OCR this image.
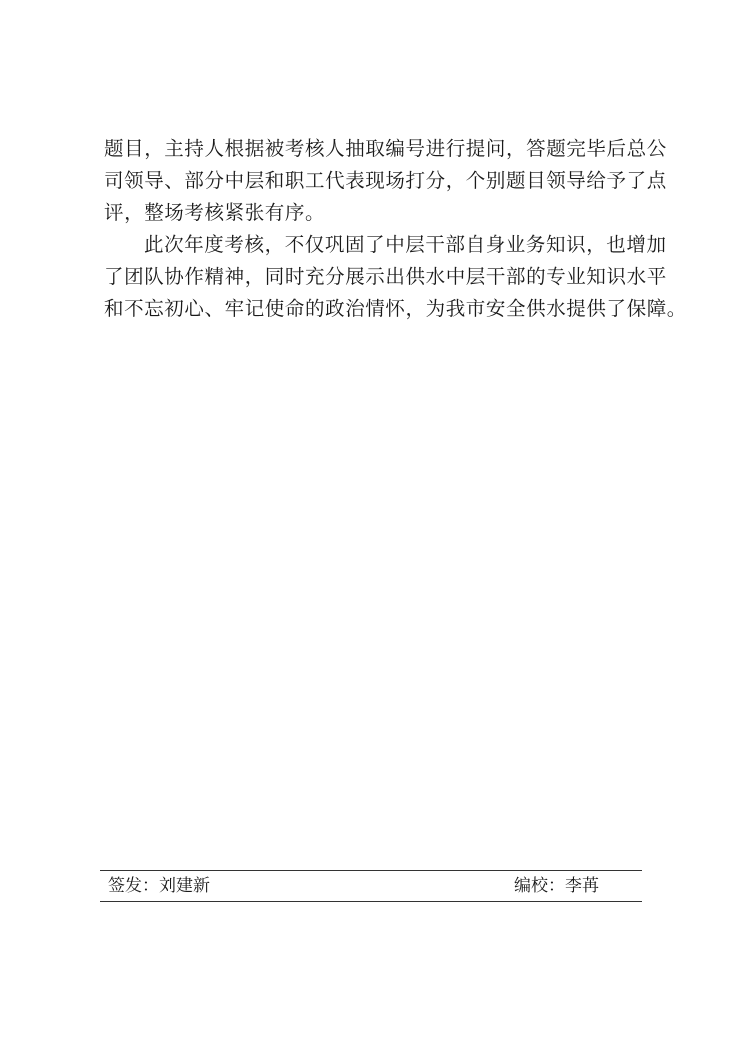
题目，主持人根据被考核人抽取编号进行提问，答题完毕后总公
司领导、部分中层和职工代表现场打分，个别题目领导给予了点
评，整场考核紧张有序。
此次年度考核，不仅巩固了中层干部自身业务知识，也增加
了团队协作精神，同时充分展示出供水中层干部的专业知识水平
和不忘初心、牢记使命的政治情怀，为我市安全供水提供了保障。
签发：刘建新	编校：李苒
